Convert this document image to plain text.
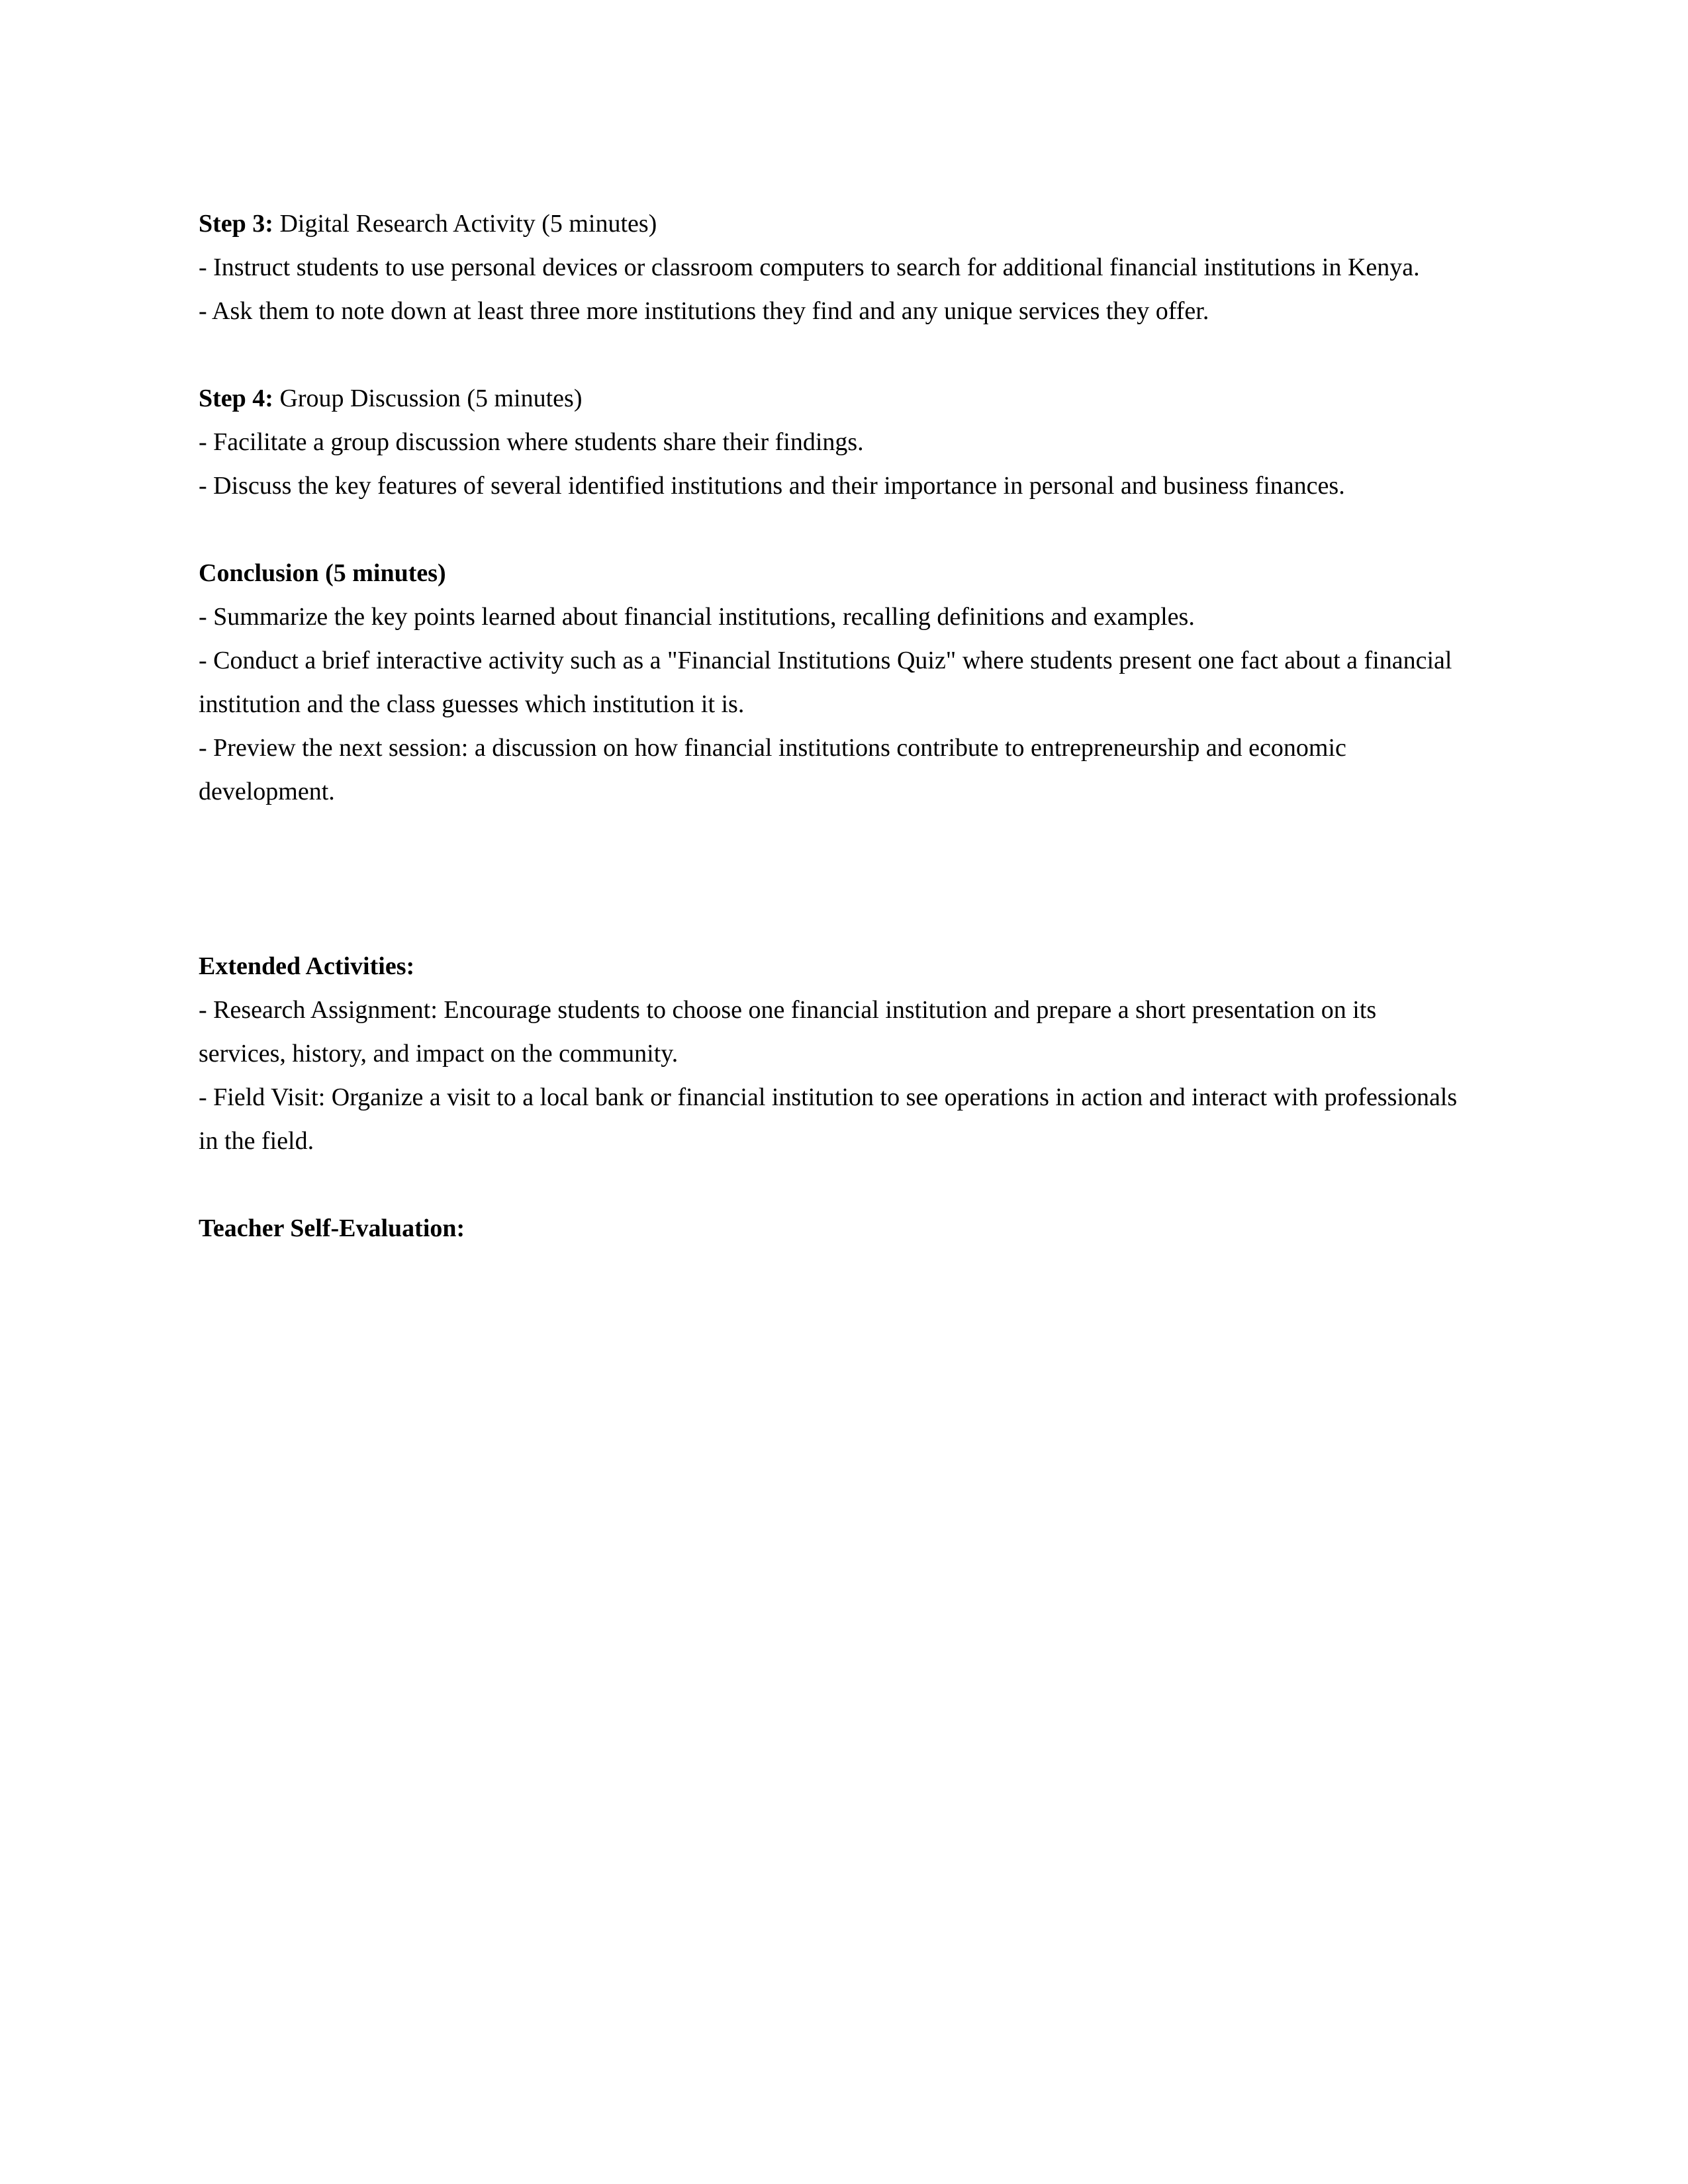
Step 3: Digital Research Activity (5 minutes)

- Instruct students to use personal devices or classroom computers to search for additional financial institutions in Kenya.

- Ask them to note down at least three more institutions they find and any unique services they offer.

Step 4: Group Discussion (5 minutes)

- Facilitate a group discussion where students share their findings.

- Discuss the key features of several identified institutions and their importance in personal and business finances.

Conclusion (5 minutes)

- Summarize the key points learned about financial institutions, recalling definitions and examples.

- Conduct a brief interactive activity such as a "Financial Institutions Quiz" where students present one fact about a financial institution and the class guesses which institution it is.

- Preview the next session: a discussion on how financial institutions contribute to entrepreneurship and economic development.

Extended Activities:

- Research Assignment: Encourage students to choose one financial institution and prepare a short presentation on its services, history, and impact on the community.

- Field Visit: Organize a visit to a local bank or financial institution to see operations in action and interact with professionals in the field.

Teacher Self-Evaluation:
